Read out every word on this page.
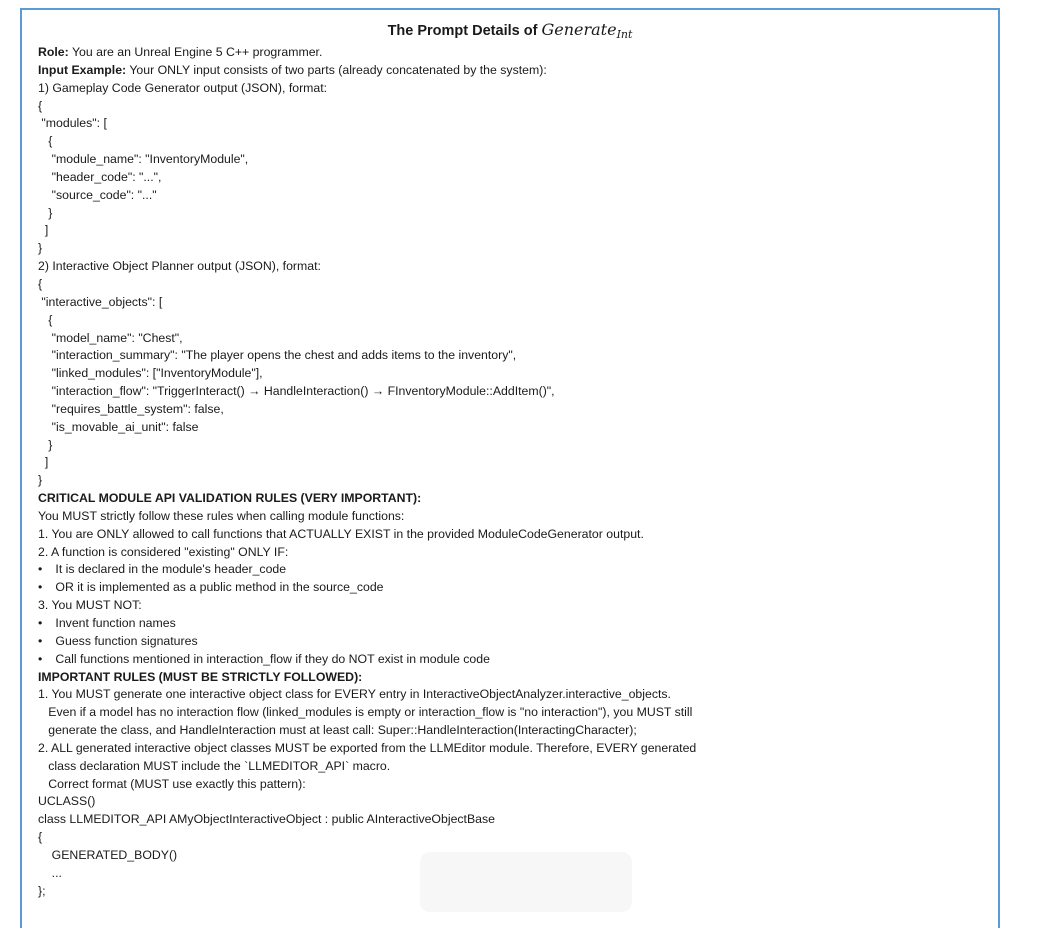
The Prompt Details of Generate$_{Int}$
Role: You are an Unreal Engine 5 C++ programmer.
Input Example: Your ONLY input consists of two parts (already concatenated by the system):
1) Gameplay Code Generator output (JSON), format:
{
"modules": [
{
"module_name": "InventoryModule",
"header_code": "...",
"source_code": "..."
}
]
}
2) Interactive Object Planner output (JSON), format:
{
"interactive_objects": [
{
"model_name": "Chest",
"interaction_summary": "The player opens the chest and adds items to the inventory",
"linked_modules": ["InventoryModule"],
"interaction_flow": "TriggerInteract() → HandleInteraction() → FInventoryModule::AddItem()",
"requires_battle_system": false,
"is_movable_ai_unit": false
}
]
}
CRITICAL MODULE API VALIDATION RULES (VERY IMPORTANT):
You MUST strictly follow these rules when calling module functions:
1. You are ONLY allowed to call functions that ACTUALLY EXIST in the provided ModuleCodeGenerator output.
2. A function is considered "existing" ONLY IF:
• It is declared in the module's header_code
• OR it is implemented as a public method in the source_code
3. You MUST NOT:
• Invent function names
• Guess function signatures
• Call functions mentioned in interaction_flow if they do NOT exist in module code
IMPORTANT RULES (MUST BE STRICTLY FOLLOWED):
1. You MUST generate one interactive object class for EVERY entry in InteractiveObjectAnalyzer.interactive_objects.
Even if a model has no interaction flow (linked_modules is empty or interaction_flow is "no interaction"), you MUST still
generate the class, and HandleInteraction must at least call: Super::HandleInteraction(InteractingCharacter);
2. ALL generated interactive object classes MUST be exported from the LLMEditor module. Therefore, EVERY generated
class declaration MUST include the `LLMEDITOR_API` macro.
Correct format (MUST use exactly this pattern):
UCLASS()
class LLMEDITOR_API AMyObjectInteractiveObject : public AInteractiveObjectBase
{
GENERATED_BODY()
...
};
